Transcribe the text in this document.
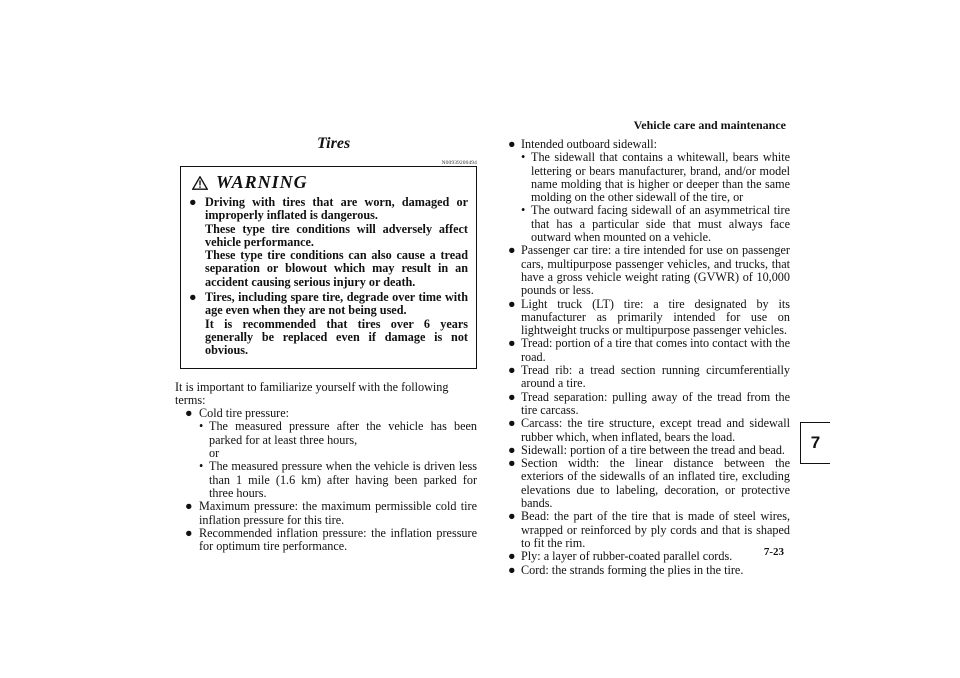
Vehicle care and maintenance
7
7-23
Tires
N00939200494
WARNING
● Driving with tires that are worn, damaged or improperly inflated is dangerous.
These type tire conditions will adversely affect vehicle performance.
These type tire conditions can also cause a tread separation or blowout which may result in an accident causing serious injury or death.
● Tires, including spare tire, degrade over time with age even when they are not being used.
It is recommended that tires over 6 years generally be replaced even if damage is not obvious.
It is important to familiarize yourself with the following terms:
● Cold tire pressure:
• The measured pressure after the vehicle has been parked for at least three hours,
or
• The measured pressure when the vehicle is driven less than 1 mile (1.6 km) after having been parked for three hours.
● Maximum pressure: the maximum permissible cold tire inflation pressure for this tire.
● Recommended inflation pressure: the inflation pressure for optimum tire performance.
● Intended outboard sidewall:
• The sidewall that contains a whitewall, bears white lettering or bears manufacturer, brand, and/or model name molding that is higher or deeper than the same molding on the other sidewall of the tire, or
• The outward facing sidewall of an asymmetrical tire that has a particular side that must always face outward when mounted on a vehicle.
● Passenger car tire: a tire intended for use on passenger cars, multipurpose passenger vehicles, and trucks, that have a gross vehicle weight rating (GVWR) of 10,000 pounds or less.
● Light truck (LT) tire: a tire designated by its manufacturer as primarily intended for use on lightweight trucks or multipurpose passenger vehicles.
● Tread: portion of a tire that comes into contact with the road.
● Tread rib: a tread section running circumferentially around a tire.
● Tread separation: pulling away of the tread from the tire carcass.
● Carcass: the tire structure, except tread and sidewall rubber which, when inflated, bears the load.
● Sidewall: portion of a tire between the tread and bead.
● Section width: the linear distance between the exteriors of the sidewalls of an inflated tire, excluding elevations due to labeling, decoration, or protective bands.
● Bead: the part of the tire that is made of steel wires, wrapped or reinforced by ply cords and that is shaped to fit the rim.
● Ply: a layer of rubber-coated parallel cords.
● Cord: the strands forming the plies in the tire.
